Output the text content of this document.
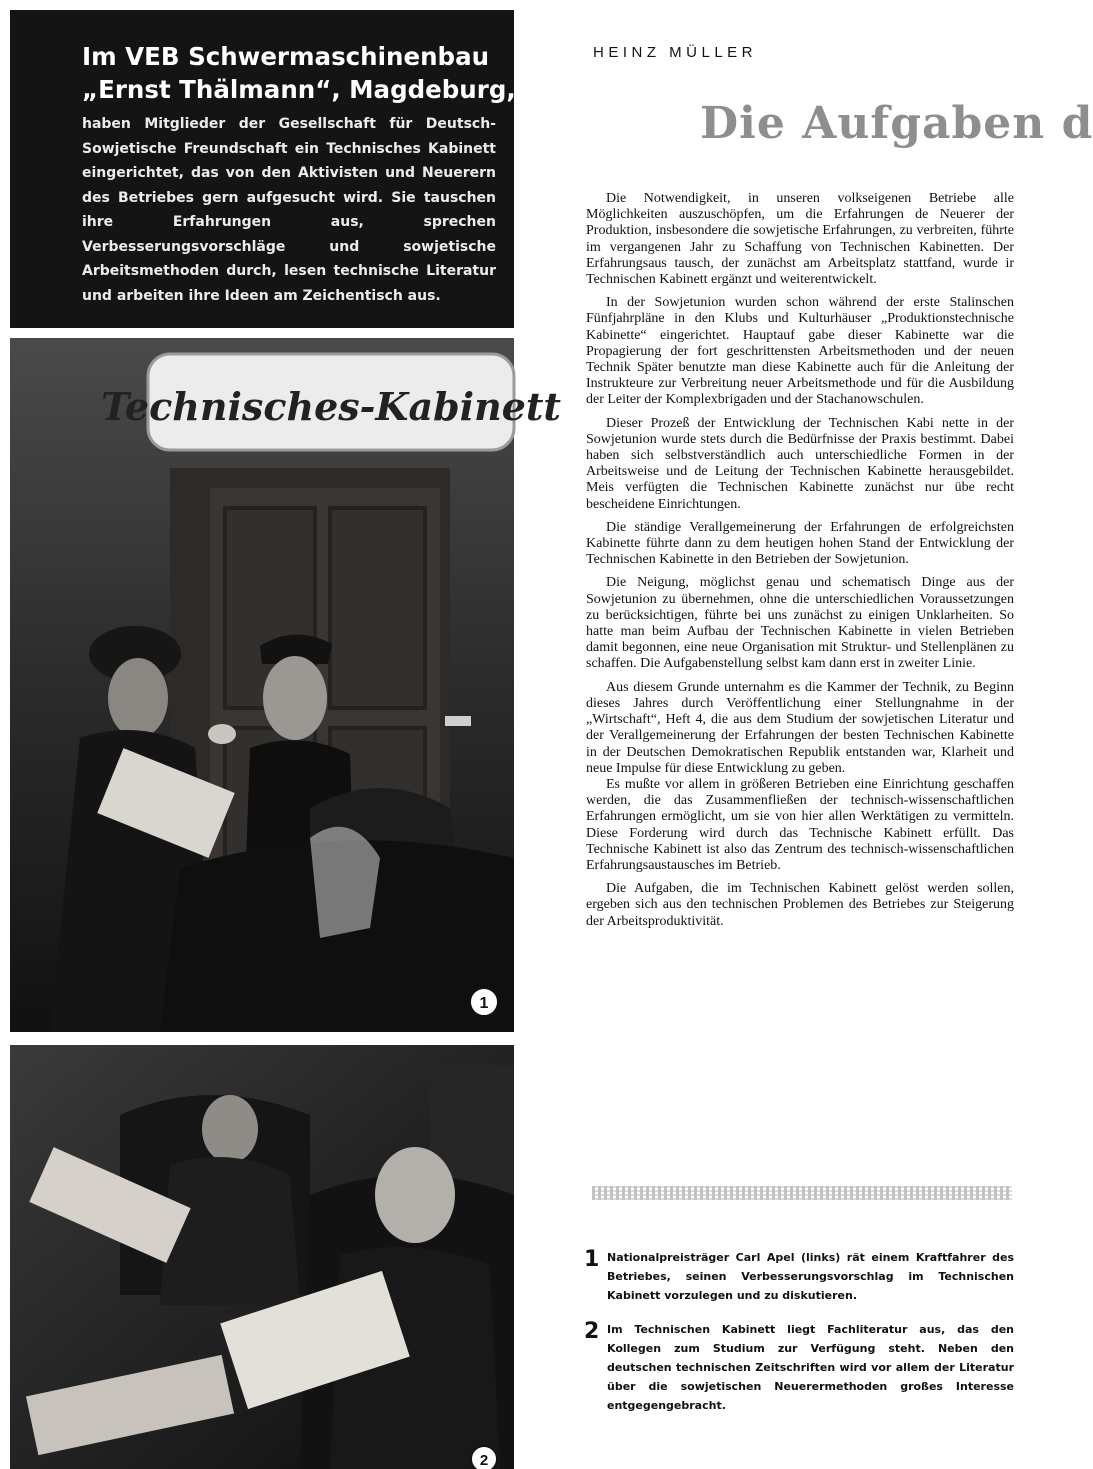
Im VEB Schwermaschinenbau
„Ernst Thälmann“, Magdeburg,

haben Mitglieder der Gesellschaft für Deutsch-Sowjetische Freundschaft ein Technisches Kabinett eingerichtet, das von den Aktivisten und Neuerern des Betriebes gern aufgesucht wird. Sie tauschen ihre Erfahrungen aus, sprechen Verbesserungsvorschläge und sowjetische Arbeitsmethoden durch, lesen technische Literatur und arbeiten ihre Ideen am Zeichentisch aus.

Technisches-Kabinett
1
2
HEINZ MÜLLER
Die Aufgaben d

Die Notwendigkeit, in unseren volkseigenen Betriebe alle Möglichkeiten auszuschöpfen, um die Erfahrungen de Neuerer der Produktion, insbesondere die sowjetische Erfahrungen, zu verbreiten, führte im vergangenen Jahr zu Schaffung von Technischen Kabinetten. Der Erfahrungsaus tausch, der zunächst am Arbeitsplatz stattfand, wurde ir Technischen Kabinett ergänzt und weiterentwickelt.

In der Sowjetunion wurden schon während der erste Stalinschen Fünfjahrpläne in den Klubs und Kulturhäuser „Produktionstechnische Kabinette“ eingerichtet. Hauptauf gabe dieser Kabinette war die Propagierung der fort geschrittensten Arbeitsmethoden und der neuen Technik Später benutzte man diese Kabinette auch für die Anleitung der Instrukteure zur Verbreitung neuer Arbeitsmethode und für die Ausbildung der Leiter der Komplexbrigaden und der Stachanowschulen.

Dieser Prozeß der Entwicklung der Technischen Kabi nette in der Sowjetunion wurde stets durch die Bedürfnisse der Praxis bestimmt. Dabei haben sich selbstverständlich auch unterschiedliche Formen in der Arbeitsweise und de Leitung der Technischen Kabinette herausgebildet. Meis verfügten die Technischen Kabinette zunächst nur übe recht bescheidene Einrichtungen.

Die ständige Verallgemeinerung der Erfahrungen de erfolgreichsten Kabinette führte dann zu dem heutigen hohen Stand der Entwicklung der Technischen Kabinette in den Betrieben der Sowjetunion.

Die Neigung, möglichst genau und schematisch Dinge aus der Sowjetunion zu übernehmen, ohne die unterschiedlichen Voraussetzungen zu berücksichtigen, führte bei uns zunächst zu einigen Unklarheiten. So hatte man beim Aufbau der Technischen Kabinette in vielen Betrieben damit begonnen, eine neue Organisation mit Struktur- und Stellenplänen zu schaffen. Die Aufgabenstellung selbst kam dann erst in zweiter Linie.

Aus diesem Grunde unternahm es die Kammer der Technik, zu Beginn dieses Jahres durch Veröffentlichung einer Stellungnahme in der „Wirtschaft“, Heft 4, die aus dem Studium der sowjetischen Literatur und der Verallgemeinerung der Erfahrungen der besten Technischen Kabinette in der Deutschen Demokratischen Republik entstanden war, Klarheit und neue Impulse für diese Entwicklung zu geben.

Es mußte vor allem in größeren Betrieben eine Einrichtung geschaffen werden, die das Zusammenfließen der technisch-wissenschaftlichen Erfahrungen ermöglicht, um sie von hier allen Werktätigen zu vermitteln. Diese Forderung wird durch das Technische Kabinett erfüllt. Das Technische Kabinett ist also das Zentrum des technisch-wissenschaftlichen Erfahrungsaustausches im Betrieb.

Die Aufgaben, die im Technischen Kabinett gelöst werden sollen, ergeben sich aus den technischen Problemen des Betriebes zur Steigerung der Arbeitsproduktivität.

1 Nationalpreisträger Carl Apel (links) rät einem Kraftfahrer des Betriebes, seinen Verbesserungsvorschlag im Technischen Kabinett vorzulegen und zu diskutieren.

2 Im Technischen Kabinett liegt Fachliteratur aus, das den Kollegen zum Studium zur Verfügung steht. Neben den deutschen technischen Zeitschriften wird vor allem der Literatur über die sowjetischen Neuerermethoden großes Interesse entgegengebracht.
